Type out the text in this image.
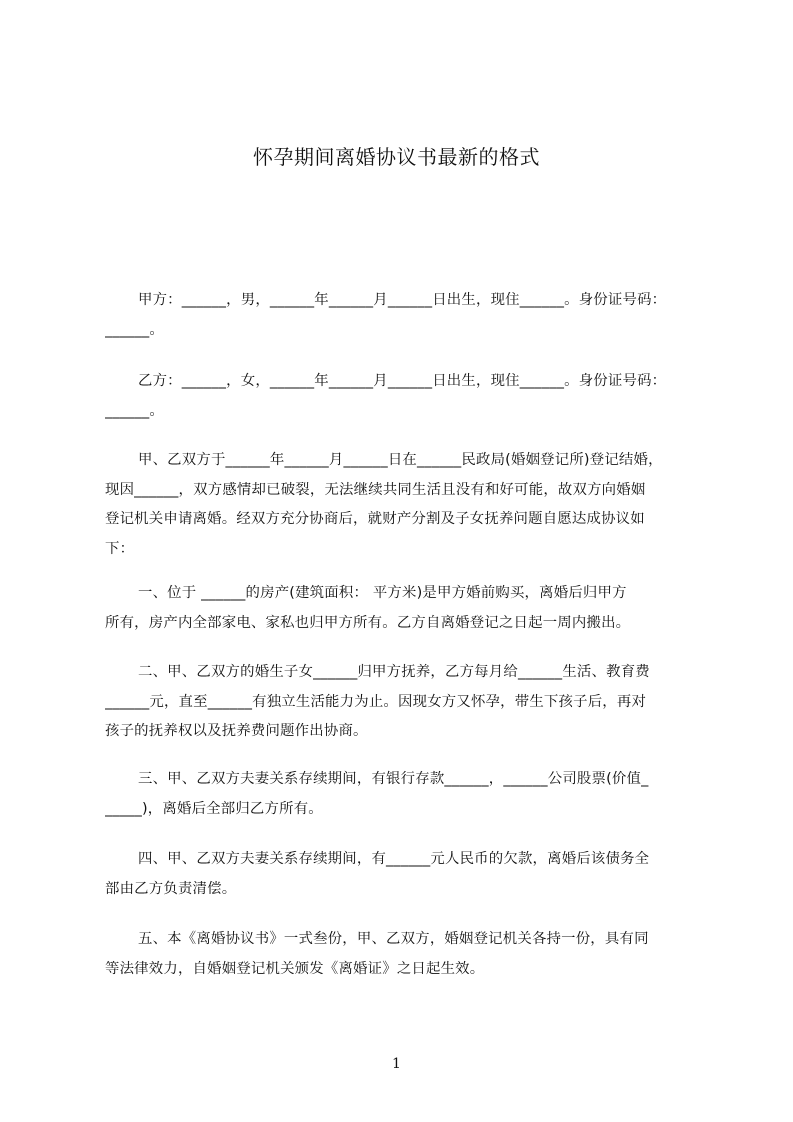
怀孕期间离婚协议书最新的格式
甲方：______，男，______年______月______日出生，现住______。身份证号码：
______。
乙方：______，女，______年______月______日出生，现住______。身份证号码：
______。
甲、乙双方于______年______月______日在______民政局(婚姻登记所)登记结婚，
现因______，双方感情却已破裂，无法继续共同生活且没有和好可能，故双方向婚姻
登记机关申请离婚。经双方充分协商后，就财产分割及子女抚养问题自愿达成协议如
下：
一、位于 ______的房产(建筑面积： 平方米)是甲方婚前购买，离婚后归甲方
所有，房产内全部家电、家私也归甲方所有。乙方自离婚登记之日起一周内搬出。
二、甲、乙双方的婚生子女______归甲方抚养，乙方每月给______生活、教育费
______元，直至______有独立生活能力为止。因现女方又怀孕，带生下孩子后，再对
孩子的抚养权以及抚养费问题作出协商。
三、甲、乙双方夫妻关系存续期间，有银行存款______，______公司股票(价值_
_____)，离婚后全部归乙方所有。
四、甲、乙双方夫妻关系存续期间，有______元人民币的欠款，离婚后该债务全
部由乙方负责清偿。
五、本《离婚协议书》一式叁份，甲、乙双方，婚姻登记机关各持一份，具有同
等法律效力，自婚姻登记机关颁发《离婚证》之日起生效。
1
